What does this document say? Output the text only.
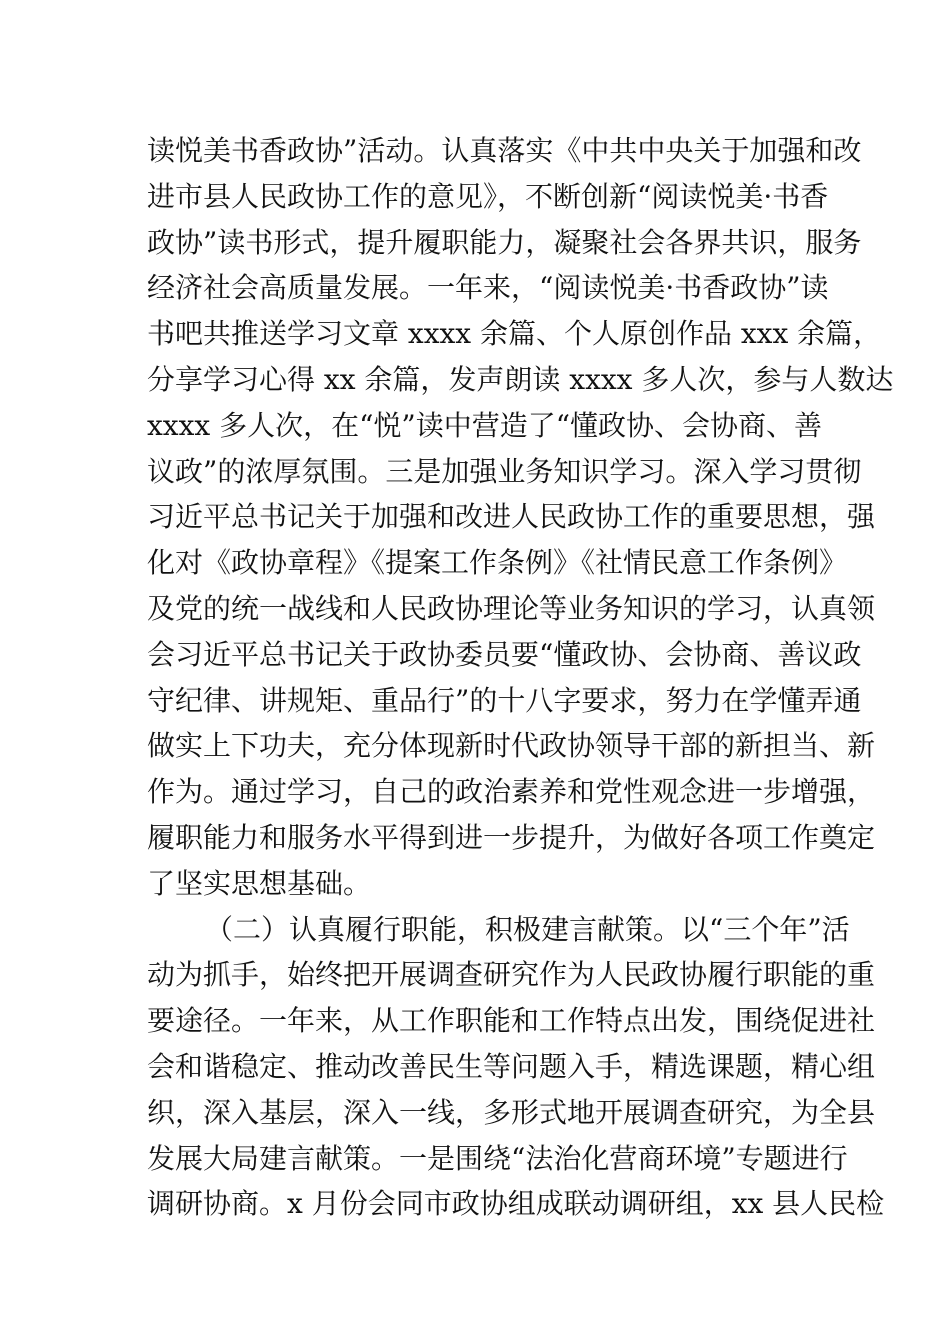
读悦美书香政协”活动。认真落实《中共中央关于加强和改
进市县人民政协工作的意见》，不断创新“阅读悦美·书香
政协”读书形式，提升履职能力，凝聚社会各界共识，服务
经济社会高质量发展。一年来，“阅读悦美·书香政协”读
书吧共推送学习文章 xxxx 余篇、个人原创作品 xxx 余篇，
分享学习心得 xx 余篇，发声朗读 xxxx 多人次，参与人数达
xxxx 多人次，在“悦”读中营造了“懂政协、会协商、善
议政”的浓厚氛围。三是加强业务知识学习。深入学习贯彻
习近平总书记关于加强和改进人民政协工作的重要思想，强
化对《政协章程》《提案工作条例》《社情民意工作条例》
及党的统一战线和人民政协理论等业务知识的学习，认真领
会习近平总书记关于政协委员要“懂政协、会协商、善议政
守纪律、讲规矩、重品行”的十八字要求，努力在学懂弄通
做实上下功夫，充分体现新时代政协领导干部的新担当、新
作为。通过学习，自己的政治素养和党性观念进一步增强，
履职能力和服务水平得到进一步提升，为做好各项工作奠定
了坚实思想基础。
（二）认真履行职能，积极建言献策。以“三个年”活
动为抓手，始终把开展调查研究作为人民政协履行职能的重
要途径。一年来，从工作职能和工作特点出发，围绕促进社
会和谐稳定、推动改善民生等问题入手，精选课题，精心组
织，深入基层，深入一线，多形式地开展调查研究，为全县
发展大局建言献策。一是围绕“法治化营商环境”专题进行
调研协商。x 月份会同市政协组成联动调研组，xx 县人民检
